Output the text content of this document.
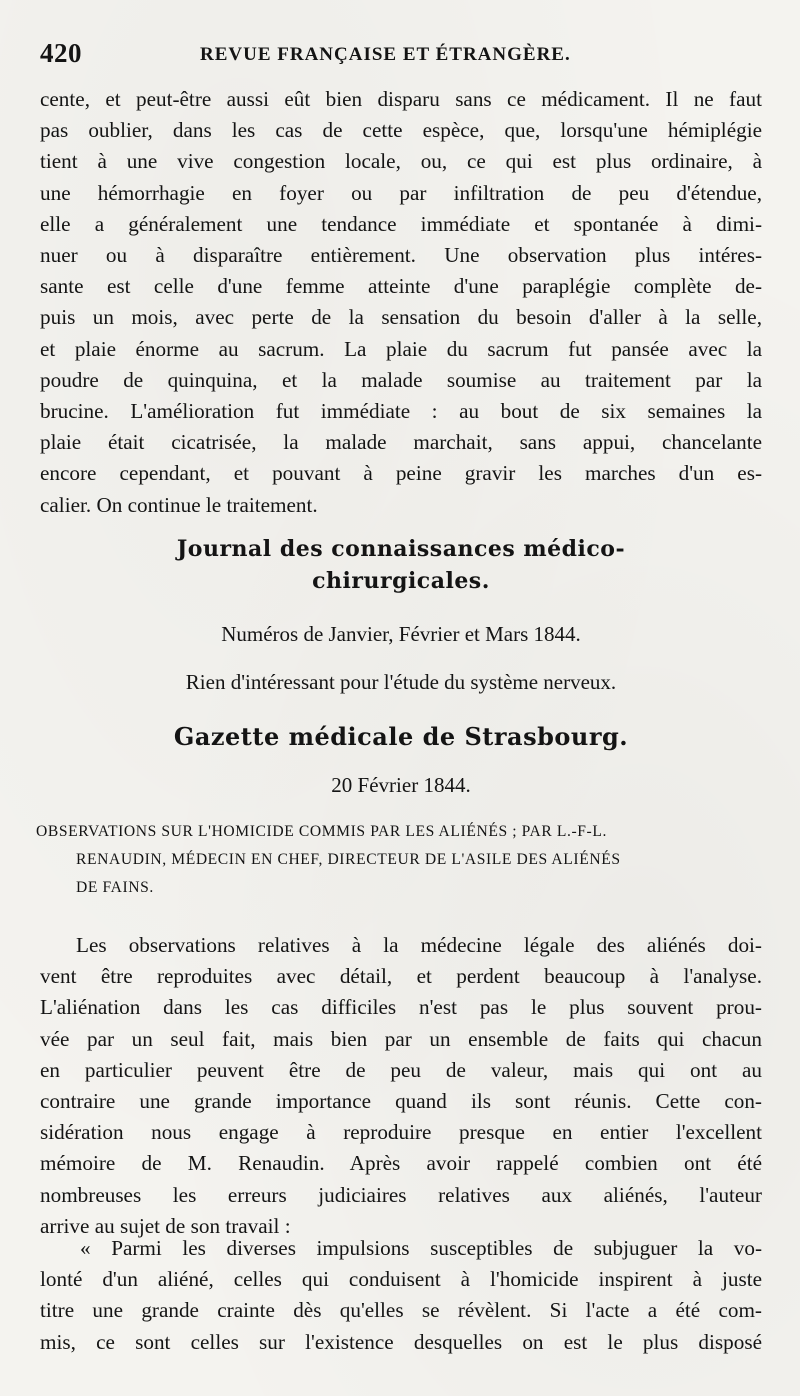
420	REVUE FRANÇAISE ET ÉTRANGÈRE.
cente, et peut-être aussi eût bien disparu sans ce médicament. Il ne faut
pas oublier, dans les cas de cette espèce, que, lorsqu'une hémiplégie
tient à une vive congestion locale, ou, ce qui est plus ordinaire, à
une hémorrhagie en foyer ou par infiltration de peu d'étendue,
elle a généralement une tendance immédiate et spontanée à dimi-
nuer ou à disparaître entièrement. Une observation plus intéres-
sante est celle d'une femme atteinte d'une paraplégie complète de-
puis un mois, avec perte de la sensation du besoin d'aller à la selle,
et plaie énorme au sacrum. La plaie du sacrum fut pansée avec la
poudre de quinquina, et la malade soumise au traitement par la
brucine. L'amélioration fut immédiate : au bout de six semaines la
plaie était cicatrisée, la malade marchait, sans appui, chancelante
encore cependant, et pouvant à peine gravir les marches d'un es-
calier. On continue le traitement.
Journal des connaissances médico-
chirurgicales.
Numéros de Janvier, Février et Mars 1844.
Rien d'intéressant pour l'étude du système nerveux.
Gazette médicale de Strasbourg.
20 Février 1844.
OBSERVATIONS SUR L'HOMICIDE COMMIS PAR LES ALIÉNÉS ; PAR L.-F-L.
RENAUDIN, MÉDECIN EN CHEF, DIRECTEUR DE L'ASILE DES ALIÉNÉS
DE FAINS.
Les observations relatives à la médecine légale des aliénés doi-
vent être reproduites avec détail, et perdent beaucoup à l'analyse.
L'aliénation dans les cas difficiles n'est pas le plus souvent prou-
vée par un seul fait, mais bien par un ensemble de faits qui chacun
en particulier peuvent être de peu de valeur, mais qui ont au
contraire une grande importance quand ils sont réunis. Cette con-
sidération nous engage à reproduire presque en entier l'excellent
mémoire de M. Renaudin. Après avoir rappelé combien ont été
nombreuses les erreurs judiciaires relatives aux aliénés, l'auteur
arrive au sujet de son travail :
« Parmi les diverses impulsions susceptibles de subjuguer la vo-
lonté d'un aliéné, celles qui conduisent à l'homicide inspirent à juste
titre une grande crainte dès qu'elles se révèlent. Si l'acte a été com-
mis, ce sont celles sur l'existence desquelles on est le plus disposé
